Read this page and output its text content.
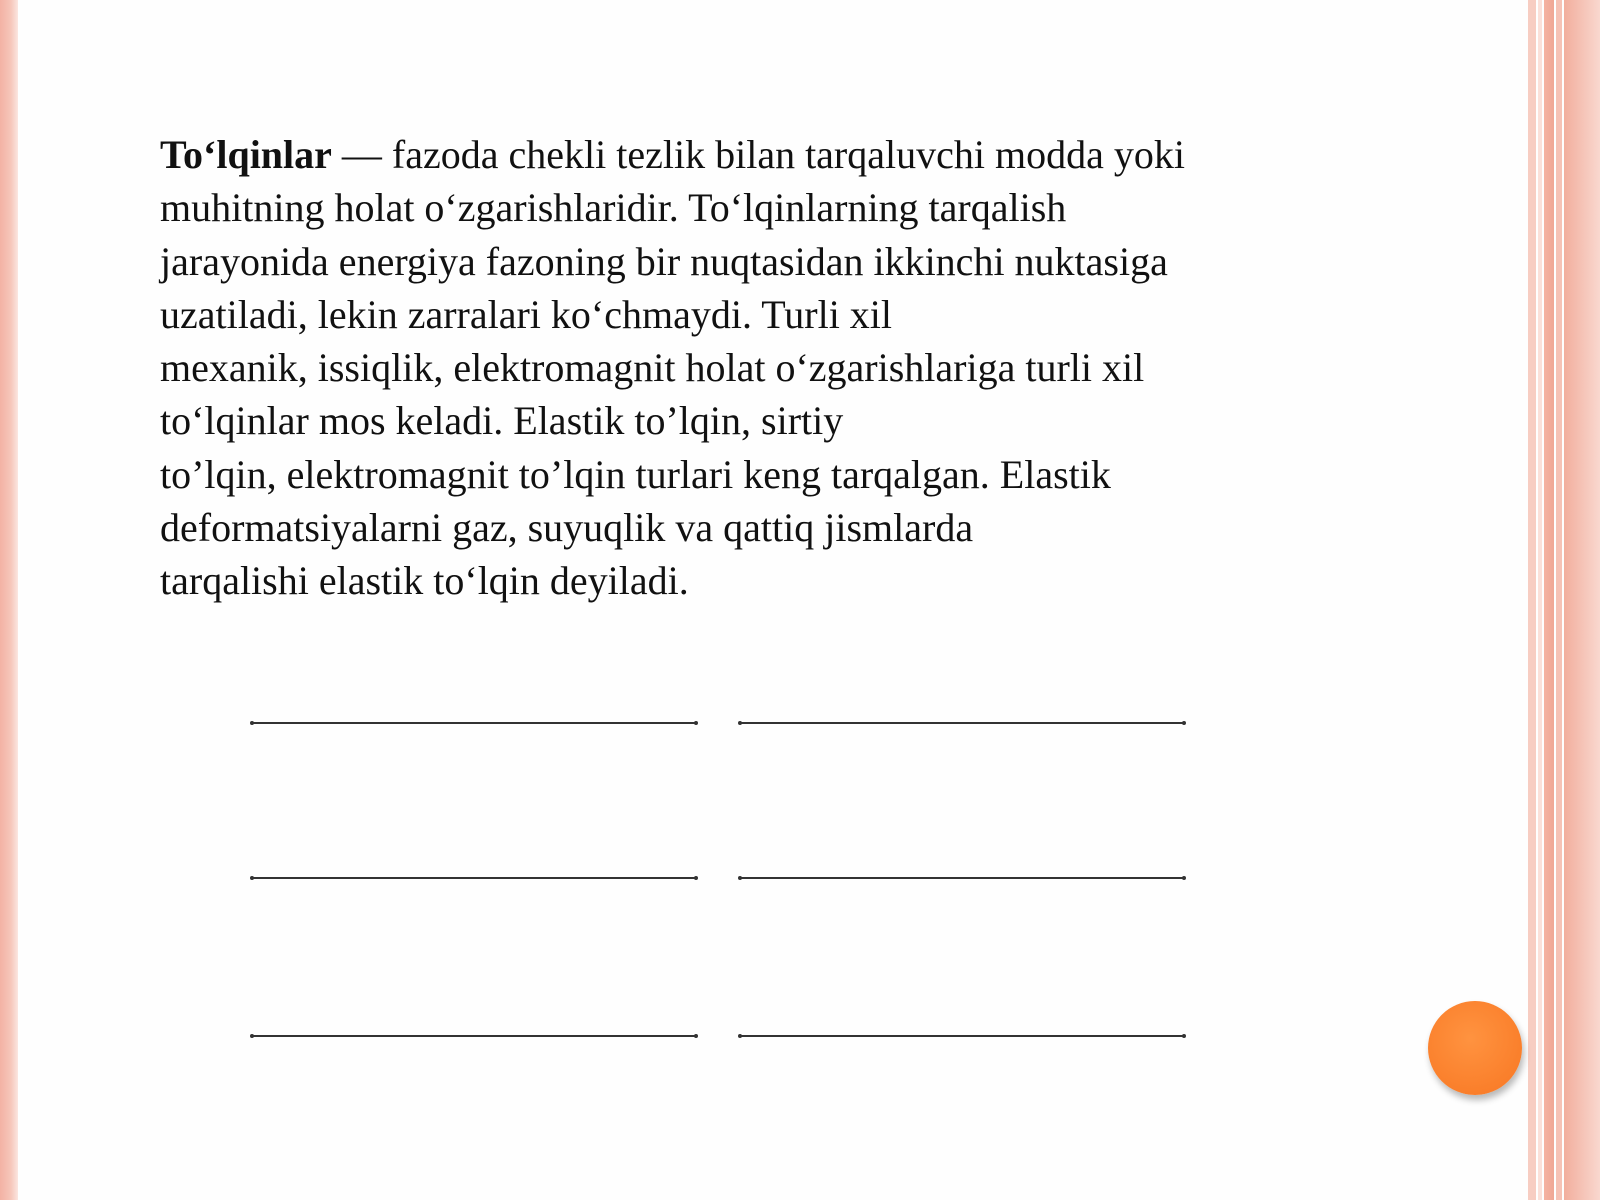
To‘lqinlar — fazoda chekli tezlik bilan tarqaluvchi modda yoki
muhitning holat o‘zgarishlaridir. To‘lqinlarning tarqalish
jarayonida energiya fazoning bir nuqtasidan ikkinchi nuktasiga
uzatiladi, lekin zarralari ko‘chmaydi. Turli xil
mexanik, issiqlik, elektromagnit holat o‘zgarishlariga turli xil
to‘lqinlar mos keladi. Elastik to’lqin, sirtiy
to’lqin, elektromagnit to’lqin turlari keng tarqalgan. Elastik
deformatsiyalarni gaz, suyuqlik va qattiq jismlarda
tarqalishi elastik to‘lqin deyiladi.
